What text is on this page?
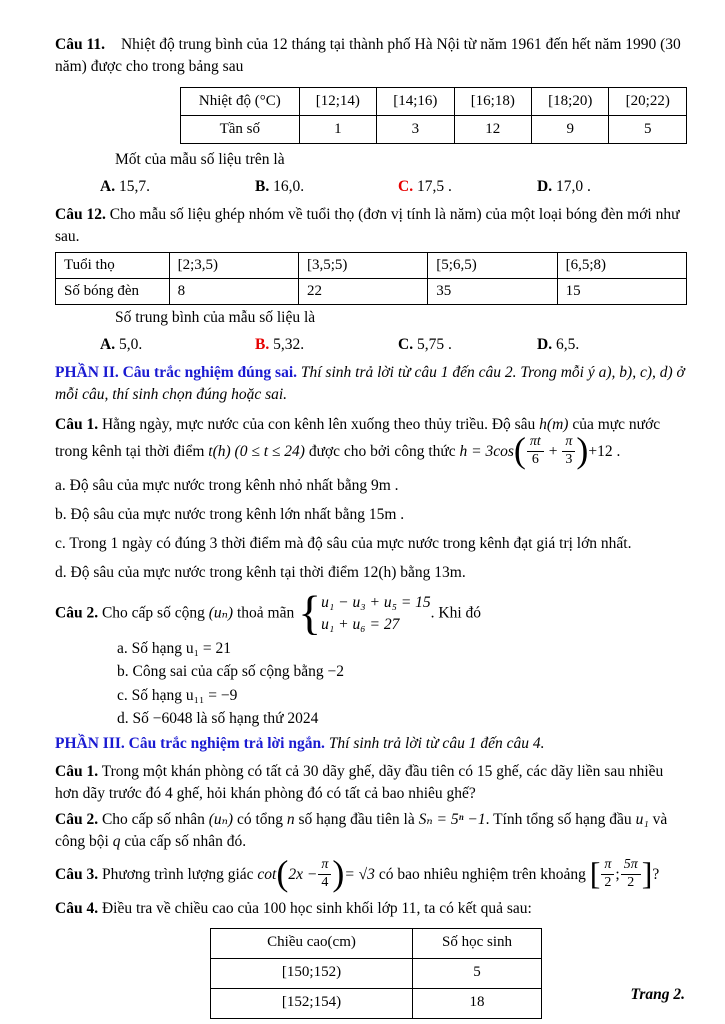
Câu 11. Nhiệt độ trung bình của 12 tháng tại thành phố Hà Nội từ năm 1961 đến hết năm 1990 (30 năm) được cho trong bảng sau

Nhiệt độ (°C)	[12;14)	[14;16)	[16;18)	[18;20)	[20;22)
Tần số	1	3	12	9	5

Mốt của mẫu số liệu trên là

A. 15,7.	B. 16,0.	C. 17,5 .	D. 17,0 .

Câu 12. Cho mẫu số liệu ghép nhóm về tuổi thọ (đơn vị tính là năm) của một loại bóng đèn mới như sau.

Tuổi thọ	[2;3,5)	[3,5;5)	[5;6,5)	[6,5;8)
Số bóng đèn	8	22	35	15

Số trung bình của mẫu số liệu là

A. 5,0.	B. 5,32.	C. 5,75 .	D. 6,5.

PHẦN II. Câu trắc nghiệm đúng sai. Thí sinh trả lời từ câu 1 đến câu 2. Trong mỗi ý a), b), c), d) ở mỗi câu, thí sinh chọn đúng hoặc sai.

Câu 1. Hằng ngày, mực nước của con kênh lên xuống theo thủy triều. Độ sâu h(m) của mực nước trong kênh tại thời điểm t(h) (0 ≤ t ≤ 24) được cho bởi công thức $h = 3\cos( \frac{\pi t}{6} + \frac{\pi}{3} )+12$ .

a. Độ sâu của mực nước trong kênh nhỏ nhất bằng 9m .

b. Độ sâu của mực nước trong kênh lớn nhất bằng 15m .

c. Trong 1 ngày có đúng 3 thời điểm mà độ sâu của mực nước trong kênh đạt giá trị lớn nhất.

d. Độ sâu của mực nước trong kênh tại thời điểm 12(h) bằng 13m.

Câu 2. Cho cấp số cộng (uₙ) thoả mãn { u₁ − u₃ + u₅ = 15
u₁ + u₆ = 27
. Khi đó

a. Số hạng u₁ = 21

b. Công sai của cấp số cộng bằng −2

c. Số hạng u₁₁ = −9

d. Số −6048 là số hạng thứ 2024

PHẦN III. Câu trắc nghiệm trả lời ngắn. Thí sinh trả lời từ câu 1 đến câu 4.

Câu 1. Trong một khán phòng có tất cả 30 dãy ghế, dãy đầu tiên có 15 ghế, các dãy liền sau nhiều hơn dãy trước đó 4 ghế, hỏi khán phòng đó có tất cả bao nhiêu ghế?

Câu 2. Cho cấp số nhân (uₙ) có tổng n số hạng đầu tiên là Sₙ = 5ⁿ −1. Tính tổng số hạng đầu u₁ và công bội q của cấp số nhân đó.

Câu 3. Phương trình lượng giác $\cot(2x - \frac{\pi}{4}$ )= √3 có bao nhiêu nghiệm trên khoảng [ $\frac{\pi}{2}$ ; $\frac{5\pi}{2}$ ]?

Câu 4. Điều tra về chiều cao của 100 học sinh khối lớp 11, ta có kết quả sau:

Chiều cao(cm)	Số học sinh
[150;152)	5
[152;154)	18	Trang 2.
